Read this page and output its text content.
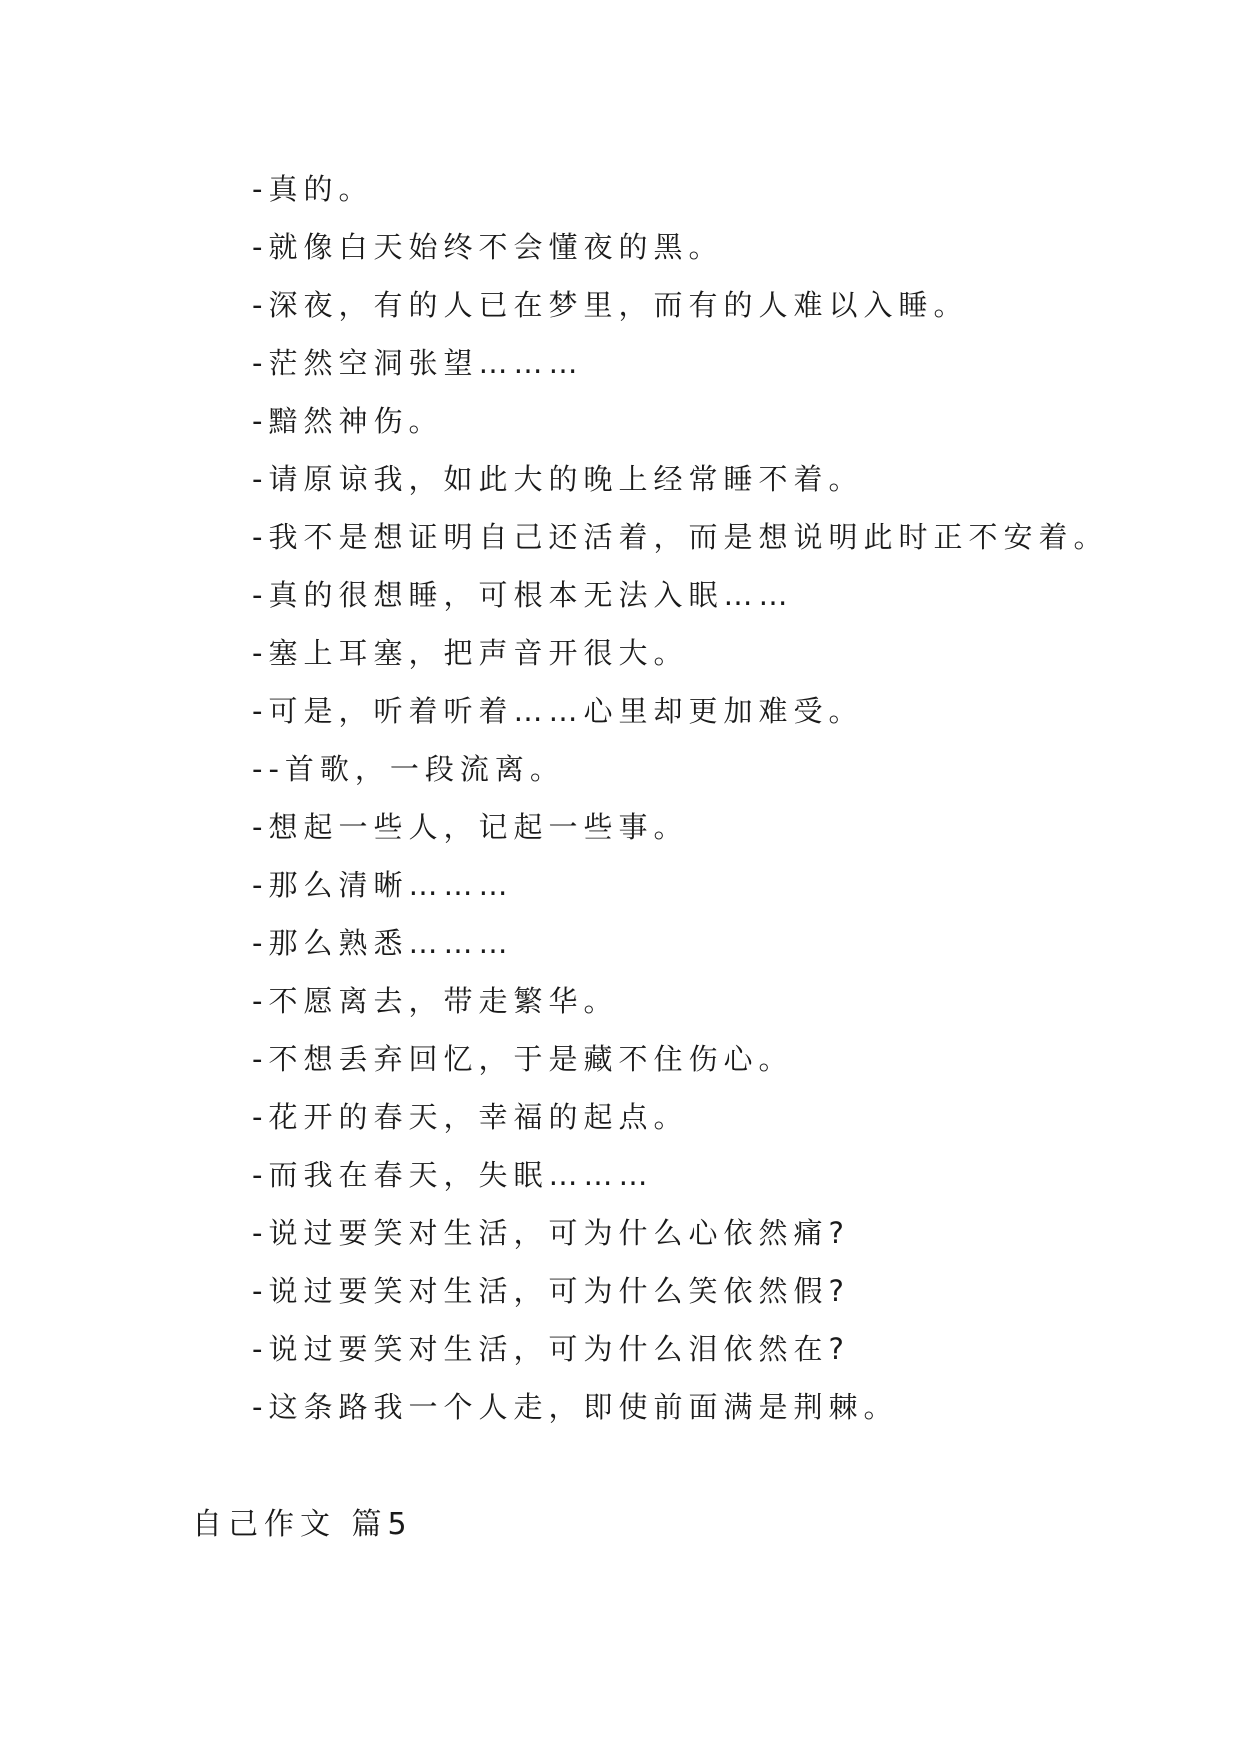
-真的。
-就像白天始终不会懂夜的黑。
-深夜，有的人已在梦里，而有的人难以入睡。
-茫然空洞张望………
-黯然神伤。
-请原谅我，如此大的晚上经常睡不着。
-我不是想证明自己还活着，而是想说明此时正不安着。
-真的很想睡，可根本无法入眠……
-塞上耳塞，把声音开很大。
-可是，听着听着……心里却更加难受。
--首歌，一段流离。
-想起一些人，记起一些事。
-那么清晰………
-那么熟悉………
-不愿离去，带走繁华。
-不想丢弃回忆，于是藏不住伤心。
-花开的春天，幸福的起点。
-而我在春天，失眠………
-说过要笑对生活，可为什么心依然痛?
-说过要笑对生活，可为什么笑依然假?
-说过要笑对生活，可为什么泪依然在?
-这条路我一个人走，即使前面满是荆棘。
自己作文 篇5
